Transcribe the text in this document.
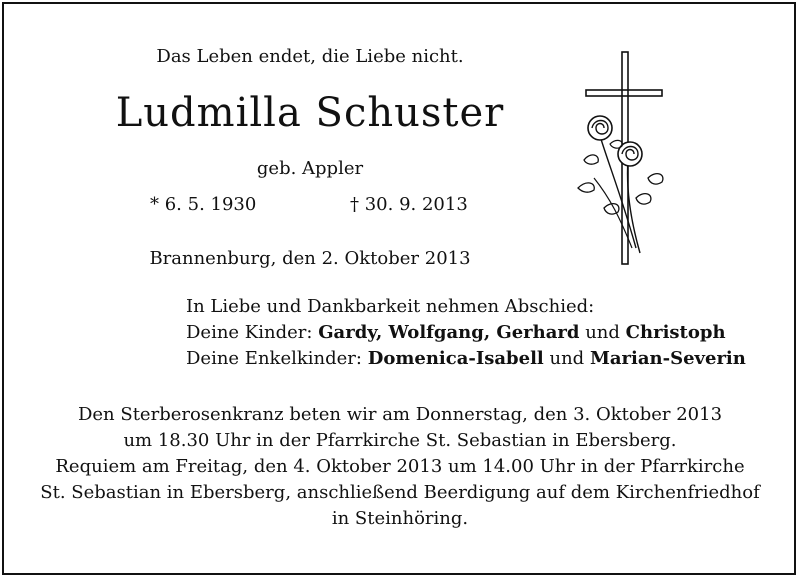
Das Leben endet, die Liebe nicht.
Ludmilla Schuster
geb. Appler
* 6. 5. 1930	† 30. 9. 2013
Brannenburg, den 2. Oktober 2013
In Liebe und Dankbarkeit nehmen Abschied:
Deine Kinder: Gardy, Wolfgang, Gerhard und Christoph
Deine Enkelkinder: Domenica-Isabell und Marian-Severin
Den Sterberosenkranz beten wir am Donnerstag, den 3. Oktober 2013
um 18.30 Uhr in der Pfarrkirche St. Sebastian in Ebersberg.
Requiem am Freitag, den 4. Oktober 2013 um 14.00 Uhr in der Pfarrkirche
St. Sebastian in Ebersberg, anschließend Beerdigung auf dem Kirchenfriedhof
in Steinhöring.
